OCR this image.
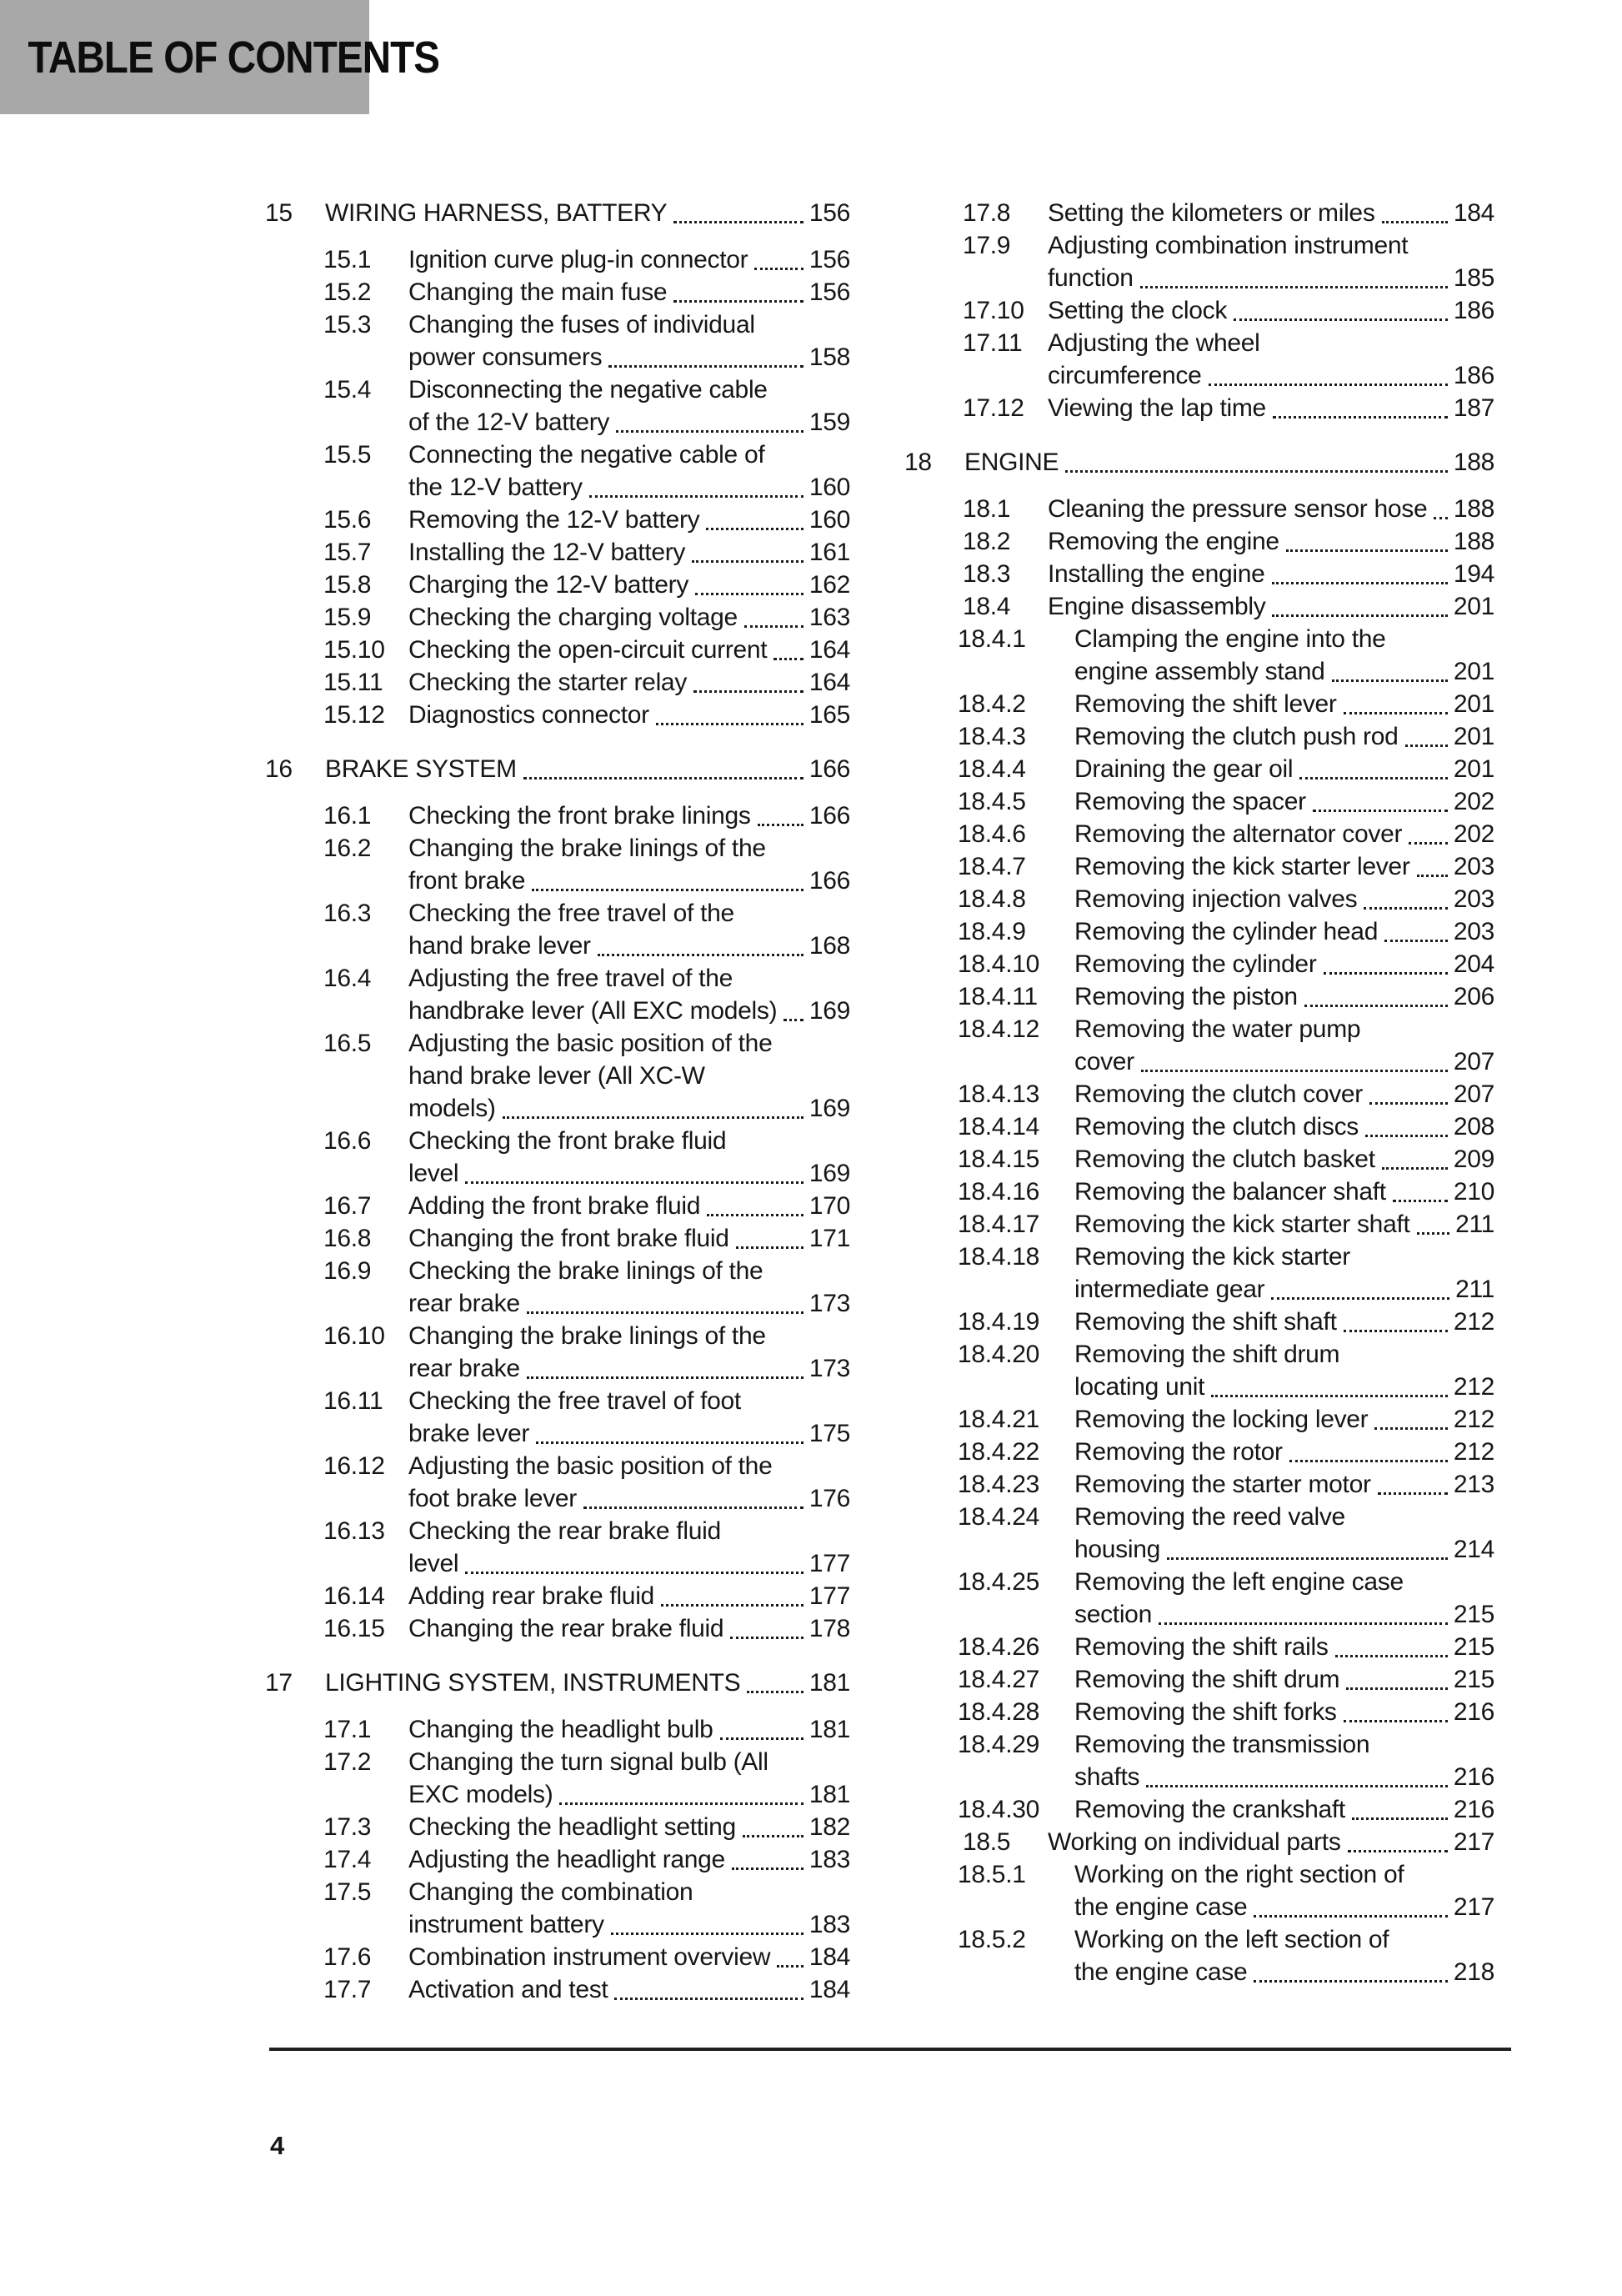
TABLE OF CONTENTS
15	WIRING HARNESS, BATTERY	156
15.1	Ignition curve plug-in connector 156
15.2	Changing the main fuse	156
15.3	Changing the fuses of individual
power consumers	158
15.4	Disconnecting the negative cable
of the 12-V battery	159
15.5	Connecting the negative cable of
the 12-V battery	160
15.6	Removing the 12-V battery	160
15.7	Installing the 12-V battery	161
15.8	Charging the 12-V battery	162
15.9	Checking the charging voltage	163
15.10 Checking the open-circuit current 164
15.11	Checking the starter relay	164
15.12 Diagnostics connector	165
16	BRAKE SYSTEM	166
16.1	Checking the front brake linings 166
16.2	Changing the brake linings of the
front brake	166
16.3	Checking the free travel of the
hand brake lever	168
16.4	Adjusting the free travel of the
handbrake lever (All EXC models) 169
16.5	Adjusting the basic position of the
hand brake lever (All XC-W
models)	169
16.6	Checking the front brake fluid
level	169
16.7	Adding the front brake fluid	170
16.8	Changing the front brake fluid	171
16.9	Checking the brake linings of the
rear brake	173
16.10 Changing the brake linings of the
rear brake	173
16.11	Checking the free travel of foot
brake lever	175
16.12 Adjusting the basic position of the
foot brake lever	176
16.13 Checking the rear brake fluid
level	177
16.14 Adding rear brake fluid	177
16.15 Changing the rear brake fluid	178
17	LIGHTING SYSTEM, INSTRUMENTS	181
17.1	Changing the headlight bulb	181
17.2	Changing the turn signal bulb (All
EXC models)	181
17.3	Checking the headlight setting	182
17.4	Adjusting the headlight range	183
17.5	Changing the combination
instrument battery	183
17.6	Combination instrument overview 184
17.7	Activation and test	184
17.8	Setting the kilometers or miles	184
17.9	Adjusting combination instrument
function	185
17.10 Setting the clock	186
17.11	Adjusting the wheel
circumference	186
17.12 Viewing the lap time	187
18	ENGINE	188
18.1	Cleaning the pressure sensor hose 188
18.2	Removing the engine	188
18.3	Installing the engine	194
18.4	Engine disassembly	201
18.4.1	Clamping the engine into the
engine assembly stand	201
18.4.2	Removing the shift lever	201
18.4.3	Removing the clutch push rod 201
18.4.4	Draining the gear oil	201
18.4.5	Removing the spacer	202
18.4.6	Removing the alternator cover 202
18.4.7	Removing the kick starter lever 203
18.4.8	Removing injection valves	203
18.4.9	Removing the cylinder head	203
18.4.10	Removing the cylinder	204
18.4.11	Removing the piston	206
18.4.12	Removing the water pump
cover	207
18.4.13	Removing the clutch cover	207
18.4.14	Removing the clutch discs	208
18.4.15	Removing the clutch basket	209
18.4.16	Removing the balancer shaft	210
18.4.17	Removing the kick starter shaft 211
18.4.18	Removing the kick starter
intermediate gear	211
18.4.19	Removing the shift shaft	212
18.4.20	Removing the shift drum
locating unit	212
18.4.21	Removing the locking lever	212
18.4.22	Removing the rotor	212
18.4.23	Removing the starter motor	213
18.4.24	Removing the reed valve
housing	214
18.4.25	Removing the left engine case
section	215
18.4.26	Removing the shift rails	215
18.4.27	Removing the shift drum	215
18.4.28	Removing the shift forks	216
18.4.29	Removing the transmission
shafts	216
18.4.30	Removing the crankshaft	216
18.5	Working on individual parts	217
18.5.1	Working on the right section of
the engine case	217
18.5.2	Working on the left section of
the engine case	218
4
